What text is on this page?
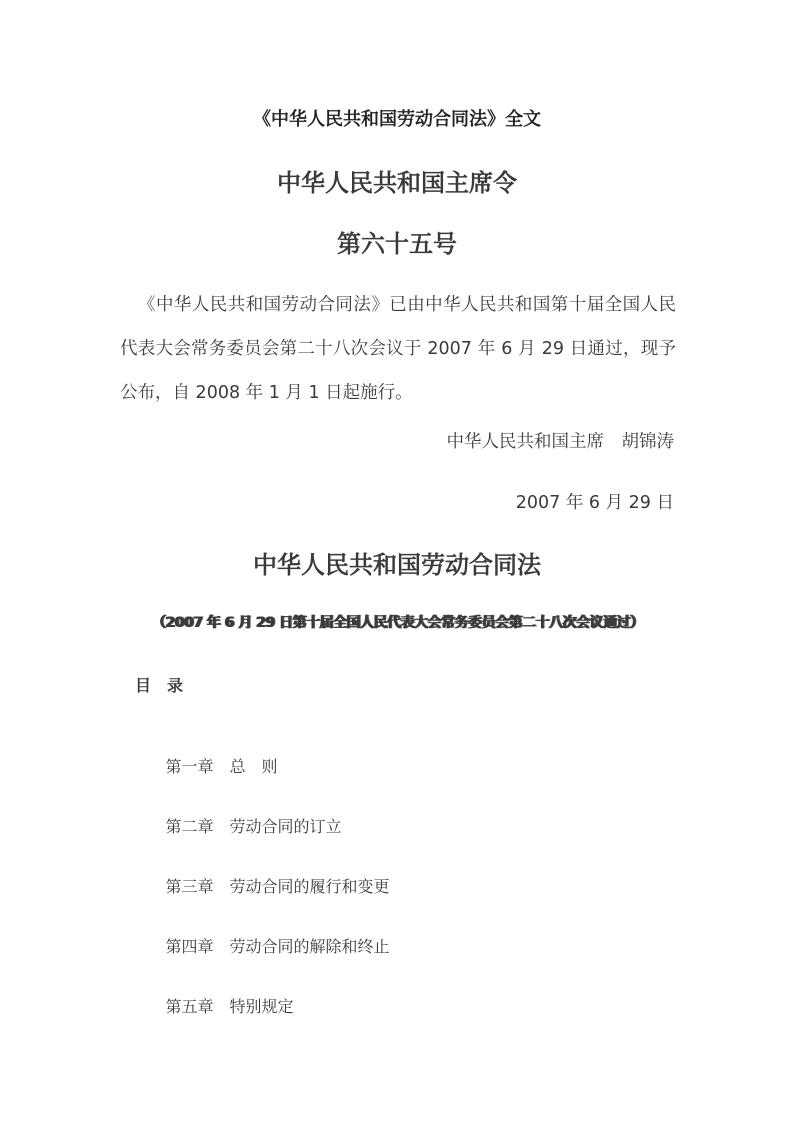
《中华人民共和国劳动合同法》全文
中华人民共和国主席令
第六十五号

《中华人民共和国劳动合同法》已由中华人民共和国第十届全国人民代表大会常务委员会第二十八次会议于 2007 年 6 月 29 日通过，现予公布，自 2008 年 1 月 1 日起施行。

中华人民共和国主席　胡锦涛

2007 年 6 月 29 日

中华人民共和国劳动合同法

（2007 年 6 月 29 日第十届全国人民代表大会常务委员会第二十八次会议通过）

目　录

第一章 总　则

第二章 劳动合同的订立

第三章 劳动合同的履行和变更

第四章 劳动合同的解除和终止

第五章 特别规定
